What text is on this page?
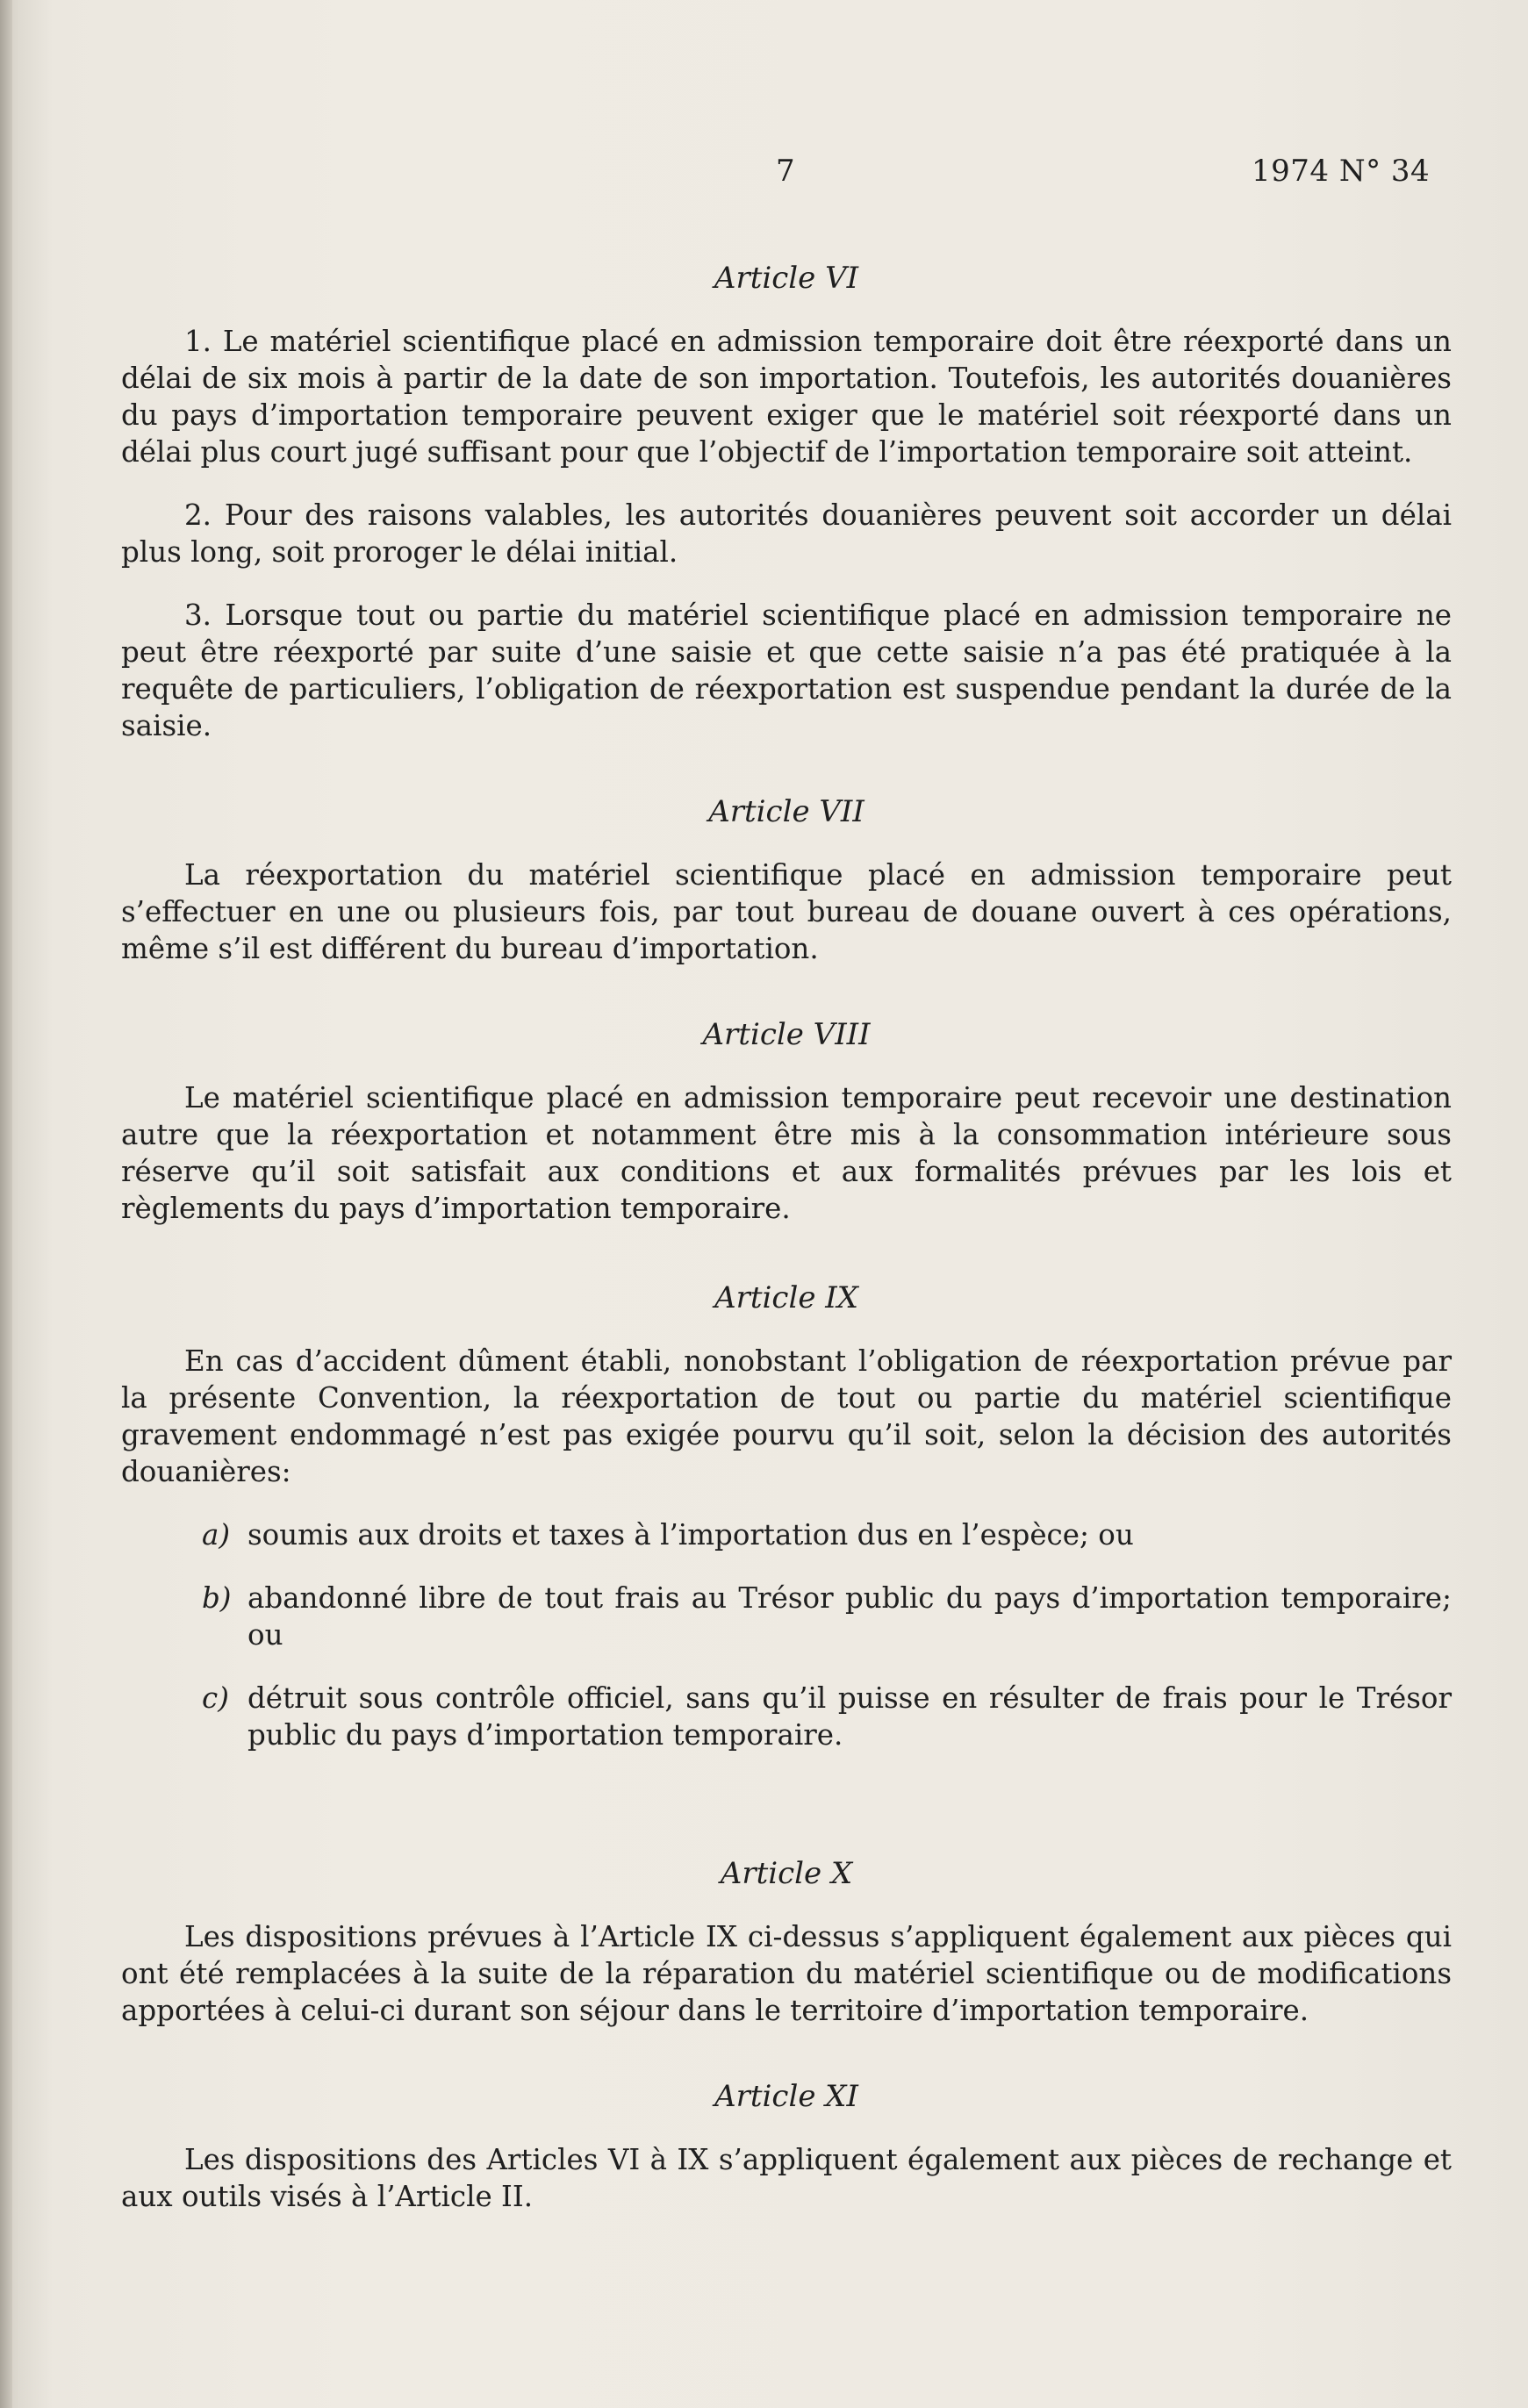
7	1974 N° 34
Article VI

1. Le matériel scientifique placé en admission temporaire doit être réexporté dans un délai de six mois à partir de la date de son importation. Toutefois, les autorités douanières du pays d’importation temporaire peuvent exiger que le matériel soit réexporté dans un délai plus court jugé suffisant pour que l’objectif de l’importation temporaire soit atteint.

2. Pour des raisons valables, les autorités douanières peuvent soit accorder un délai plus long, soit proroger le délai initial.

3. Lorsque tout ou partie du matériel scientifique placé en admission temporaire ne peut être réexporté par suite d’une saisie et que cette saisie n’a pas été pratiquée à la requête de particuliers, l’obligation de réexportation est suspendue pendant la durée de la saisie.

Article VII

La réexportation du matériel scientifique placé en admission temporaire peut s’effectuer en une ou plusieurs fois, par tout bureau de douane ouvert à ces opérations, même s’il est différent du bureau d’importation.

Article VIII

Le matériel scientifique placé en admission temporaire peut recevoir une destination autre que la réexportation et notamment être mis à la consommation intérieure sous réserve qu’il soit satisfait aux conditions et aux formalités prévues par les lois et règlements du pays d’importation temporaire.

Article IX

En cas d’accident dûment établi, nonobstant l’obligation de réexportation prévue par la présente Convention, la réexportation de tout ou partie du matériel scientifique gravement endommagé n’est pas exigée pourvu qu’il soit, selon la décision des autorités douanières:

a) soumis aux droits et taxes à l’importation dus en l’espèce; ou
b) abandonné libre de tout frais au Trésor public du pays d’importation temporaire; ou
c) détruit sous contrôle officiel, sans qu’il puisse en résulter de frais pour le Trésor public du pays d’importation temporaire.
Article X

Les dispositions prévues à l’Article IX ci-dessus s’appliquent également aux pièces qui ont été remplacées à la suite de la réparation du matériel scientifique ou de modifications apportées à celui-ci durant son séjour dans le territoire d’importation temporaire.

Article XI

Les dispositions des Articles VI à IX s’appliquent également aux pièces de rechange et aux outils visés à l’Article II.
